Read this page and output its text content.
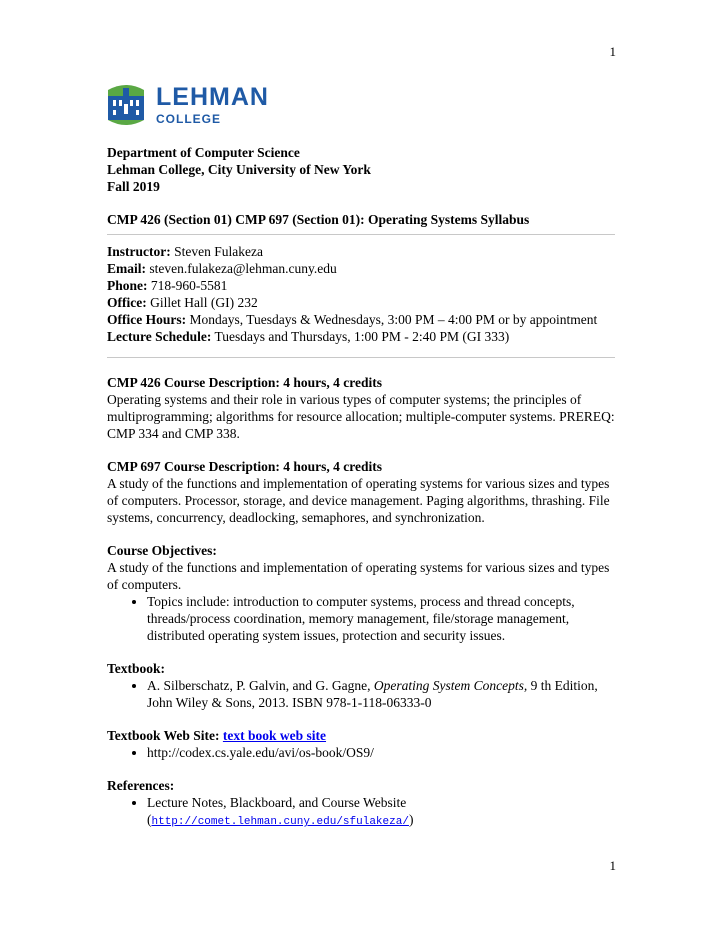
1
LEHMAN
COLLEGE
Department of Computer Science
Lehman College, City University of New York
Fall 2019
CMP 426 (Section 01) CMP 697 (Section 01): Operating Systems Syllabus
Instructor: Steven Fulakeza
Email: steven.fulakeza@lehman.cuny.edu
Phone: 718-960-5581
Office: Gillet Hall (GI) 232
Office Hours: Mondays, Tuesdays & Wednesdays, 3:00 PM – 4:00 PM or by appointment
Lecture Schedule: Tuesdays and Thursdays, 1:00 PM - 2:40 PM (GI 333)
CMP 426 Course Description: 4 hours, 4 credits
Operating systems and their role in various types of computer systems; the principles of multiprogramming; algorithms for resource allocation; multiple-computer systems. PREREQ: CMP 334 and CMP 338.
CMP 697 Course Description: 4 hours, 4 credits
A study of the functions and implementation of operating systems for various sizes and types of computers. Processor, storage, and device management. Paging algorithms, thrashing. File systems, concurrency, deadlocking, semaphores, and synchronization.
Course Objectives:
A study of the functions and implementation of operating systems for various sizes and types of computers.
• Topics include: introduction to computer systems, process and thread concepts, threads/process coordination, memory management, file/storage management, distributed operating system issues, protection and security issues.
Textbook:
• A. Silberschatz, P. Galvin, and G. Gagne, Operating System Concepts, 9 th Edition, John Wiley & Sons, 2013. ISBN 978-1-118-06333-0
Textbook Web Site: text book web site
• http://codex.cs.yale.edu/avi/os-book/OS9/
References:
• Lecture Notes, Blackboard, and Course Website
(http://comet.lehman.cuny.edu/sfulakeza/)
1
